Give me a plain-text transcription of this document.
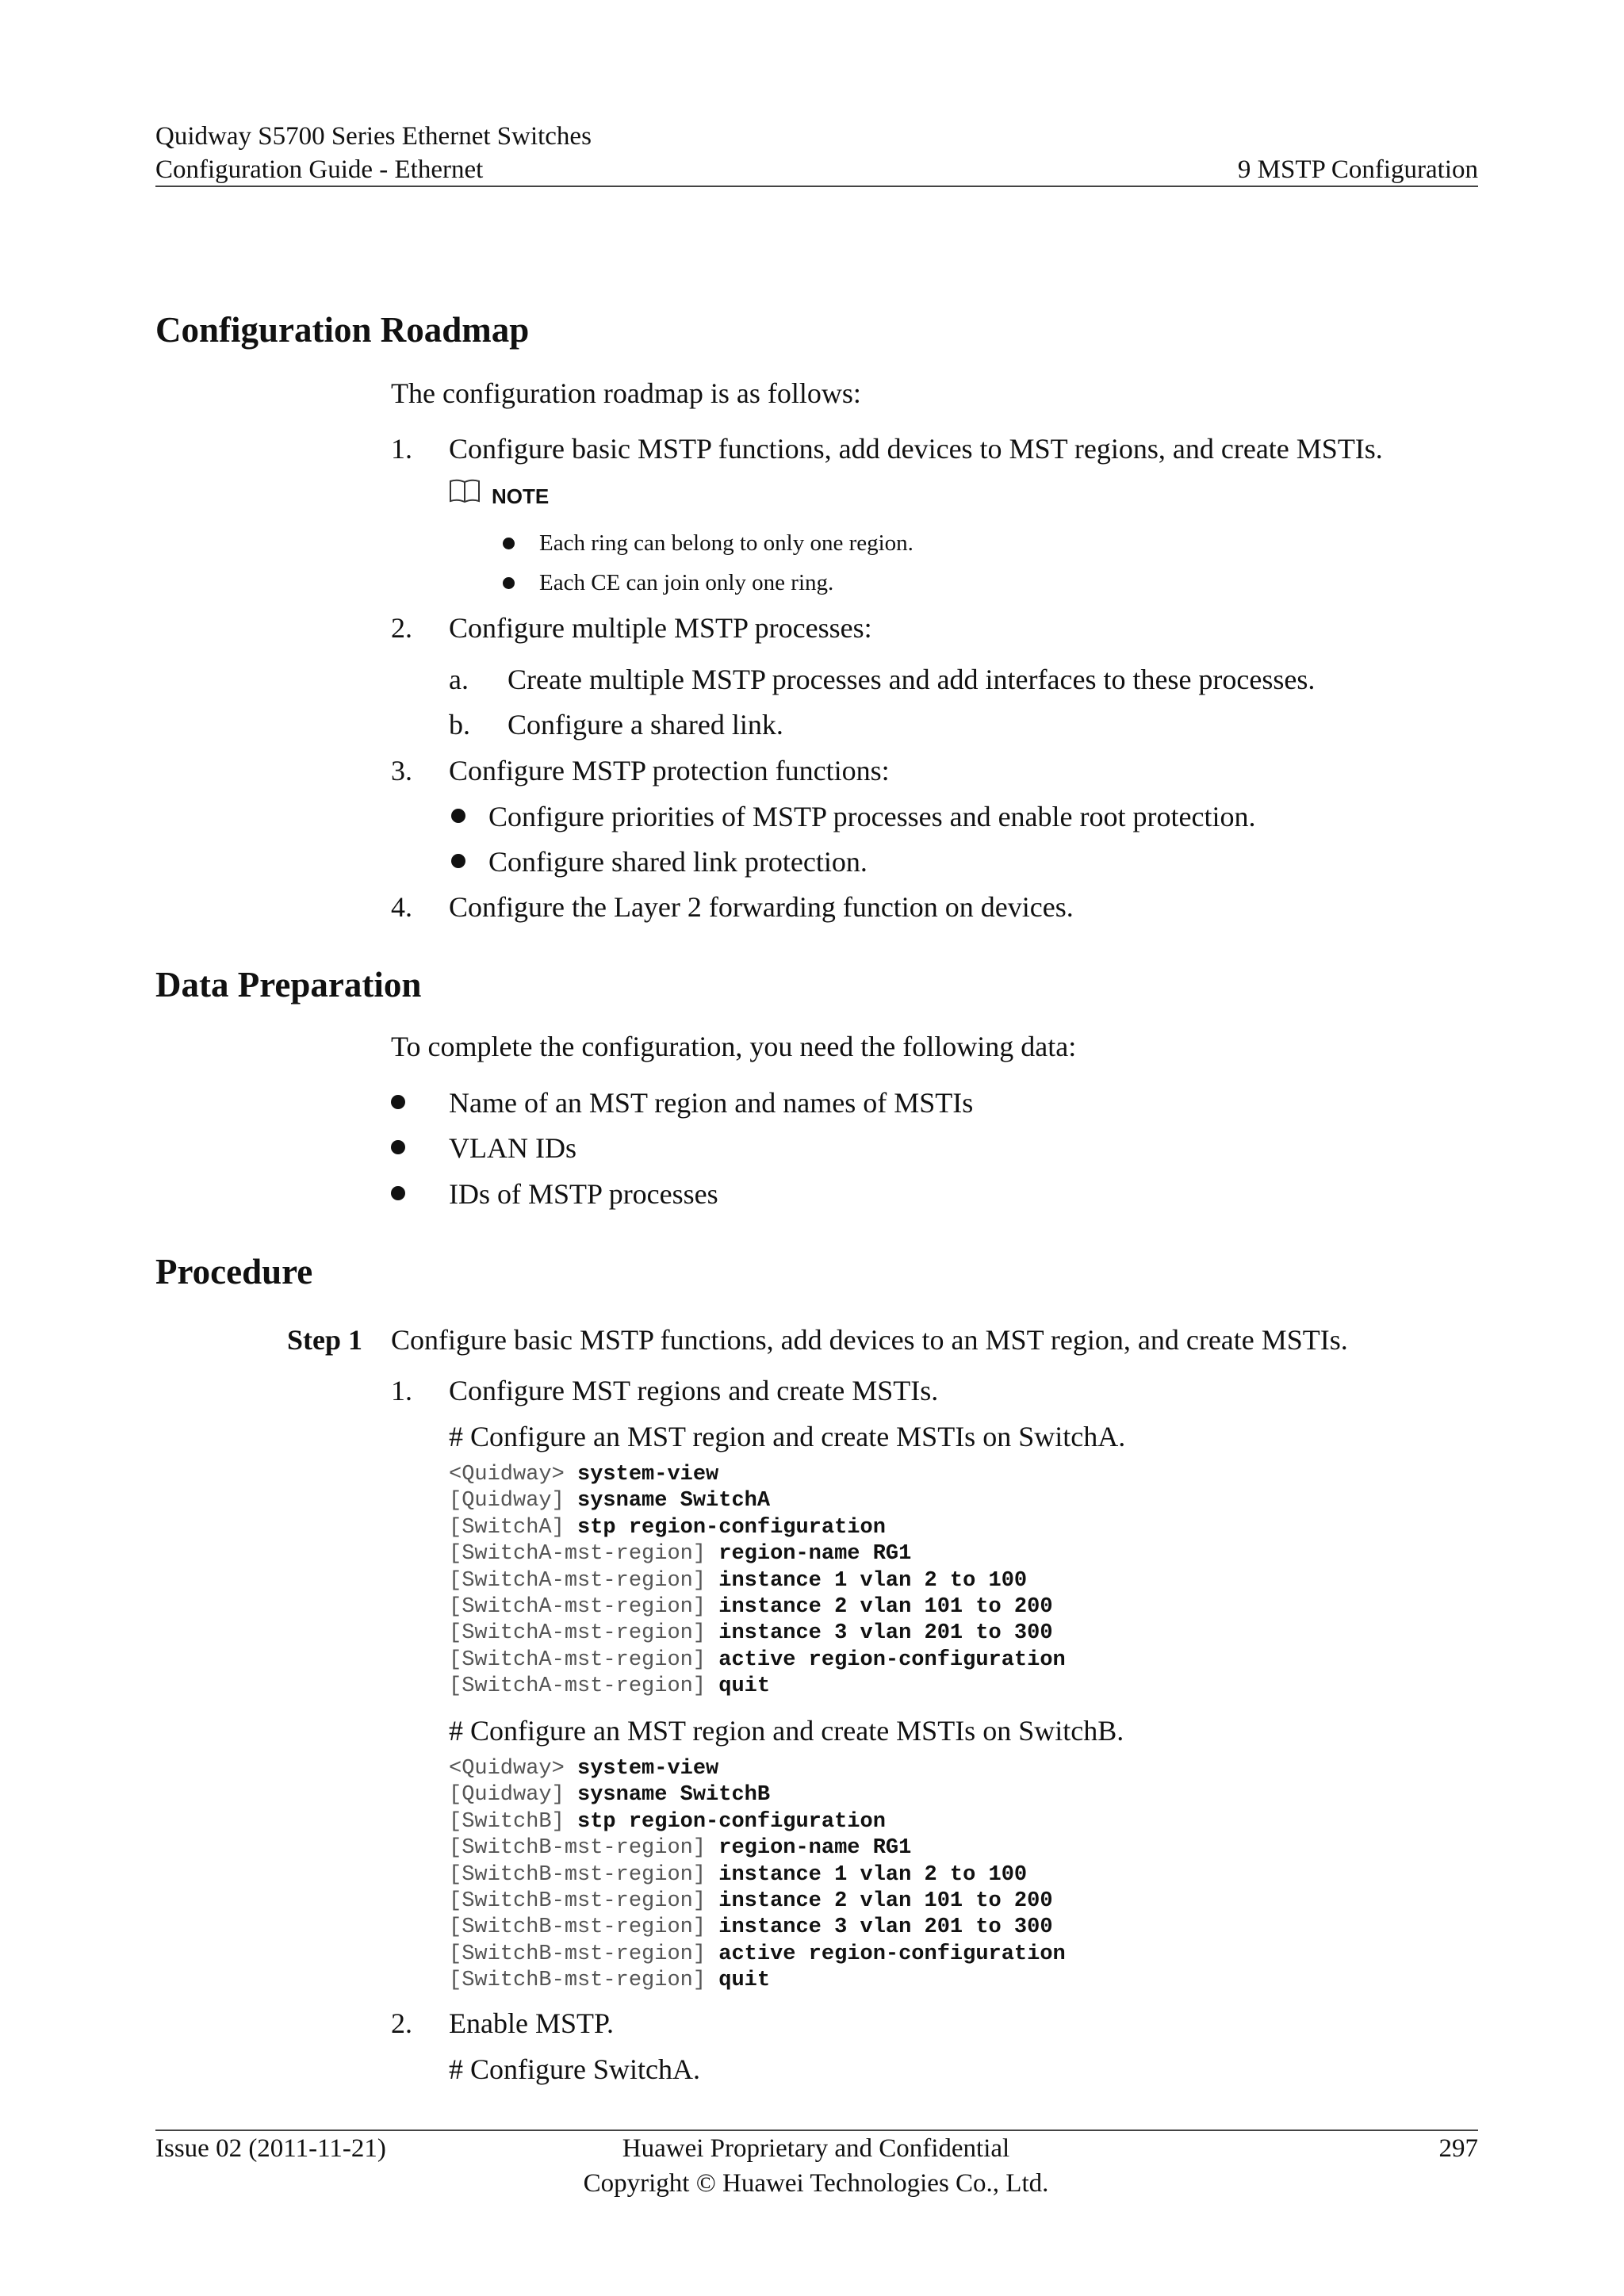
Quidway S5700 Series Ethernet Switches
Configuration Guide - Ethernet	9 MSTP Configuration
Configuration Roadmap
The configuration roadmap is as follows:
1. Configure basic MSTP functions, add devices to MST regions, and create MSTIs.
NOTE
Each ring can belong to only one region.
Each CE can join only one ring.
2. Configure multiple MSTP processes:
a. Create multiple MSTP processes and add interfaces to these processes.
b. Configure a shared link.
3. Configure MSTP protection functions:
Configure priorities of MSTP processes and enable root protection.
Configure shared link protection.
4. Configure the Layer 2 forwarding function on devices.
Data Preparation
To complete the configuration, you need the following data:
Name of an MST region and names of MSTIs
VLAN IDs
IDs of MSTP processes
Procedure
Step 1 Configure basic MSTP functions, add devices to an MST region, and create MSTIs.
1. Configure MST regions and create MSTIs.
# Configure an MST region and create MSTIs on SwitchA.
<Quidway> system-view
[Quidway] sysname SwitchA
[SwitchA] stp region-configuration
[SwitchA-mst-region] region-name RG1
[SwitchA-mst-region] instance 1 vlan 2 to 100
[SwitchA-mst-region] instance 2 vlan 101 to 200
[SwitchA-mst-region] instance 3 vlan 201 to 300
[SwitchA-mst-region] active region-configuration
[SwitchA-mst-region] quit
# Configure an MST region and create MSTIs on SwitchB.
<Quidway> system-view
[Quidway] sysname SwitchB
[SwitchB] stp region-configuration
[SwitchB-mst-region] region-name RG1
[SwitchB-mst-region] instance 1 vlan 2 to 100
[SwitchB-mst-region] instance 2 vlan 101 to 200
[SwitchB-mst-region] instance 3 vlan 201 to 300
[SwitchB-mst-region] active region-configuration
[SwitchB-mst-region] quit
2. Enable MSTP.
# Configure SwitchA.
Issue 02 (2011-11-21)	Huawei Proprietary and Confidential
Copyright © Huawei Technologies Co., Ltd.
297
